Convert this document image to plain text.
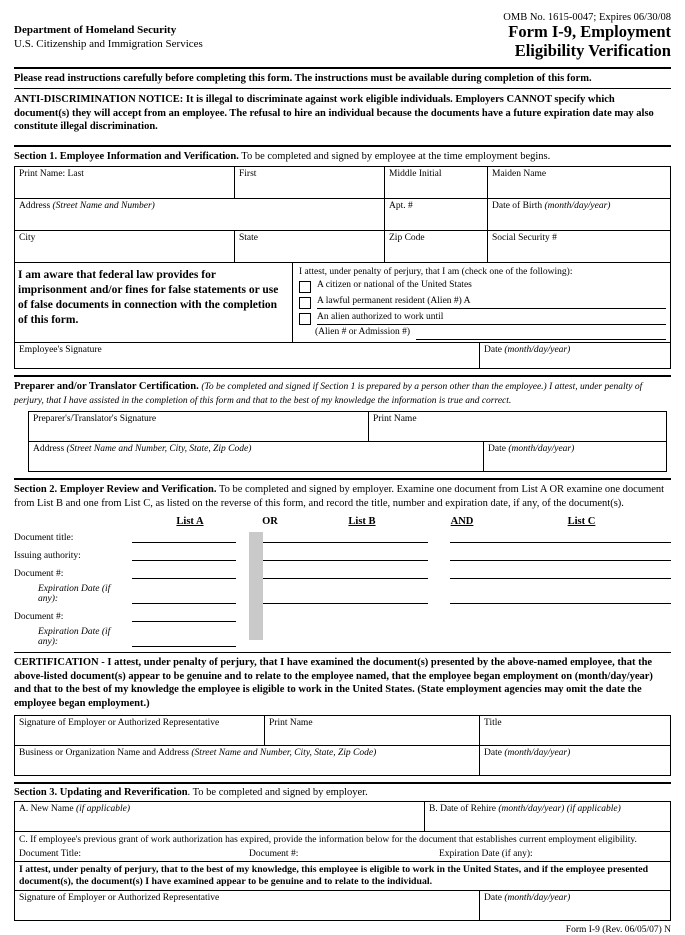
OMB No. 1615-0047; Expires 06/30/08
Department of Homeland Security
U.S. Citizenship and Immigration Services
Form I-9, Employment
Eligibility Verification
Please read instructions carefully before completing this form. The instructions must be available during completion of this form.
ANTI-DISCRIMINATION NOTICE: It is illegal to discriminate against work eligible individuals. Employers CANNOT specify which document(s) they will accept from an employee. The refusal to hire an individual because the documents have a future expiration date may also constitute illegal discrimination.
Section 1. Employee Information and Verification. To be completed and signed by employee at the time employment begins.
Print Name: Last	First	Middle Initial	Maiden Name
Address (Street Name and Number)	Apt. #	Date of Birth (month/day/year)
City	State	Zip Code	Social Security #
I am aware that federal law provides for imprisonment and/or fines for false statements or use of false documents in connection with the completion of this form.
I attest, under penalty of perjury, that I am (check one of the following):
A citizen or national of the United States
A lawful permanent resident (Alien #) A
An alien authorized to work until
(Alien # or Admission #)
Employee's Signature	Date (month/day/year)
Preparer and/or Translator Certification. (To be completed and signed if Section 1 is prepared by a person other than the employee.) I attest, under penalty of perjury, that I have assisted in the completion of this form and that to the best of my knowledge the information is true and correct.
Preparer's/Translator's Signature	Print Name
Address (Street Name and Number, City, State, Zip Code)	Date (month/day/year)
Section 2. Employer Review and Verification. To be completed and signed by employer. Examine one document from List A OR examine one document from List B and one from List C, as listed on the reverse of this form, and record the title, number and expiration date, if any, of the document(s).
List A	OR	List B	AND	List C
Document title:
Issuing authority:
Document #:
Expiration Date (if any):
Document #:
Expiration Date (if any):
CERTIFICATION - I attest, under penalty of perjury, that I have examined the document(s) presented by the above-named employee, that the above-listed document(s) appear to be genuine and to relate to the employee named, that the employee began employment on (month/day/year) and that to the best of my knowledge the employee is eligible to work in the United States. (State employment agencies may omit the date the employee began employment.)
Signature of Employer or Authorized Representative	Print Name	Title
Business or Organization Name and Address (Street Name and Number, City, State, Zip Code)	Date (month/day/year)
Section 3. Updating and Reverification. To be completed and signed by employer.
A. New Name (if applicable)	B. Date of Rehire (month/day/year) (if applicable)
C. If employee's previous grant of work authorization has expired, provide the information below for the document that establishes current employment eligibility.
Document Title:	Document #:	Expiration Date (if any):
I attest, under penalty of perjury, that to the best of my knowledge, this employee is eligible to work in the United States, and if the employee presented document(s), the document(s) I have examined appear to be genuine and to relate to the individual.
Signature of Employer or Authorized Representative	Date (month/day/year)
Form I-9 (Rev. 06/05/07) N
